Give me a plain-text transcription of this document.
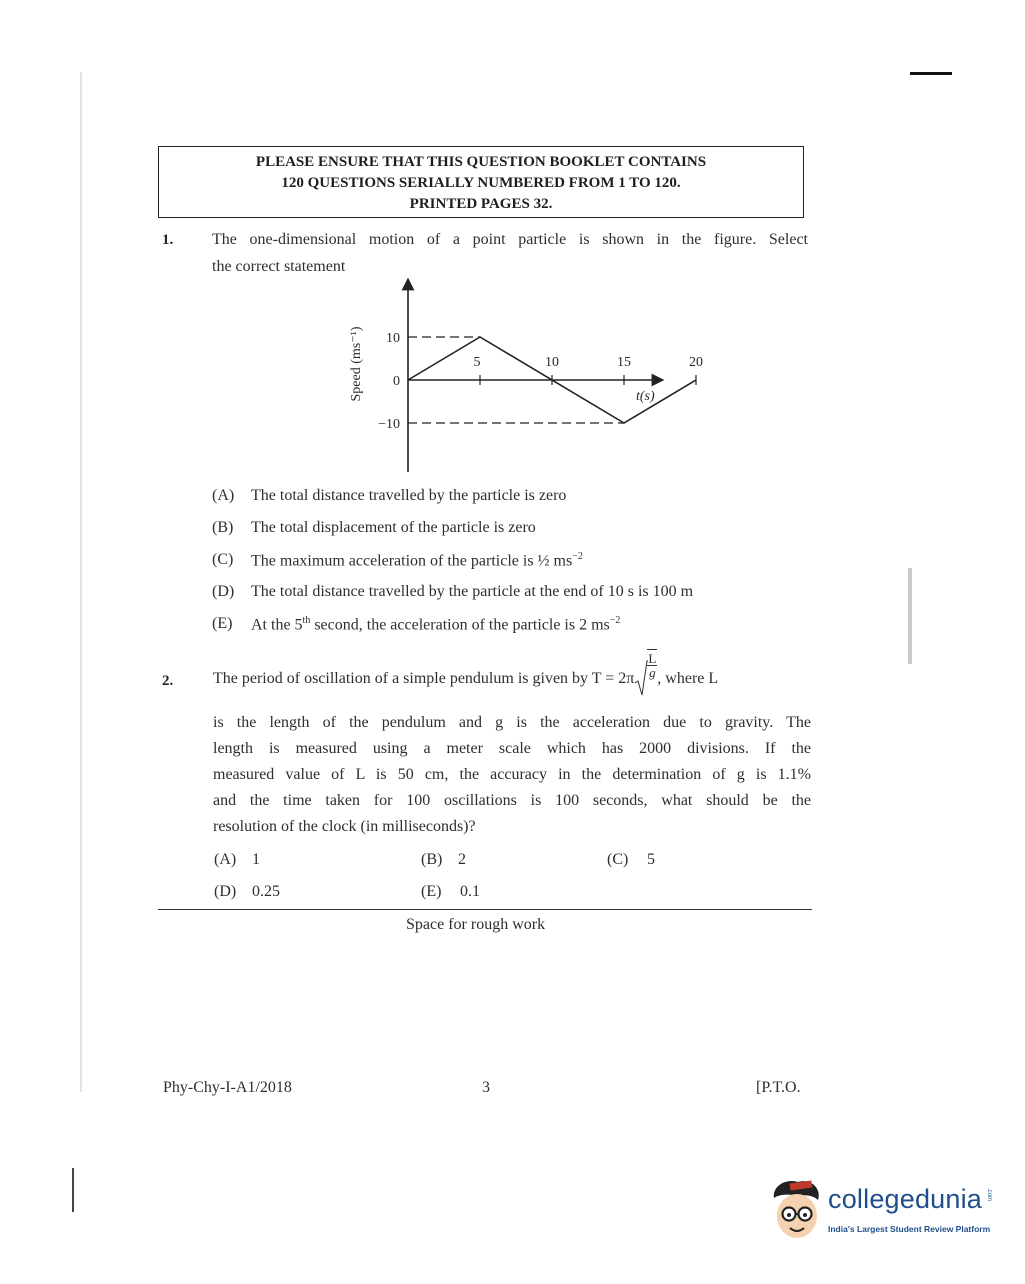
PLEASE ENSURE THAT THIS QUESTION BOOKLET CONTAINS
120 QUESTIONS SERIALLY NUMBERED FROM 1 TO 120.
PRINTED PAGES 32.
1. The one-dimensional motion of a point particle is shown in the figure. Select
the correct statement
5	10	15	20
10
0
−10
t(s)
Speed (ms⁻¹)
(A) The total distance travelled by the particle is zero
(B) The total displacement of the particle is zero
(C) The maximum acceleration of the particle is ½ $ms^{-2}$
(D) The total distance travelled by the particle at the end of 10 s is 100 m
(E) At the 5th second, the acceleration of the particle is 2 $ms^{-2}$
2. The period of oscillation of a simple pendulum is given by $T = 2\pi \frac{L}{g}$ , where L
is the length of the pendulum and g is the acceleration due to gravity. The
length is measured using a meter scale which has 2000 divisions. If the
measured value of L is 50 cm, the accuracy in the determination of g is 1.1%
and the time taken for 100 oscillations is 100 seconds, what should be the
resolution of the clock (in milliseconds)?
(A) 1	(B) 2	(C) 5
(D) 0.25	(E) 0.1
Space for rough work
Phy-Chy-I-A1/2018	3	[P.T.O.
collegedunia .com
India's Largest Student Review Platform
